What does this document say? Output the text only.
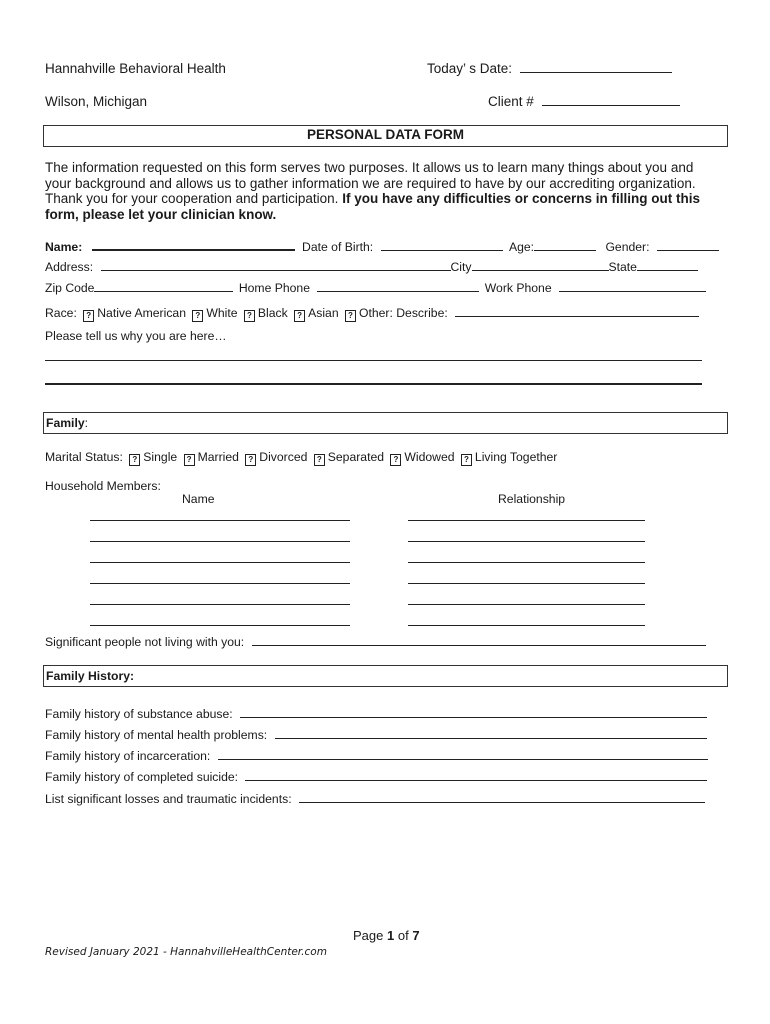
Hannahville Behavioral Health
Wilson, Michigan
Today’ s Date:
Client #
PERSONAL DATA FORM
The information requested on this form serves two purposes. It allows us to learn many things about you and
your background and allows us to gather information we are required to have by our accrediting organization.
Thank you for your cooperation and participation. If you have any difficulties or concerns in filling out this
form, please let your clinician know.
Name:	Date of Birth:	Age:	Gender:
Address:	City	State
Zip Code	Home Phone	Work Phone
Race: ? Native American ? White ? Black ? Asian ? Other: Describe:
Please tell us why you are here…
Family:
Marital Status: ? Single ? Married ? Divorced ? Separated ? Widowed ? Living Together
Household Members:
Name	Relationship
Significant people not living with you:
Family History:
Family history of substance abuse:
Family history of mental health problems:
Family history of incarceration:
Family history of completed suicide:
List significant losses and traumatic incidents:
Page 1 of 7
Revised January 2021 - HannahvilleHealthCenter.com
